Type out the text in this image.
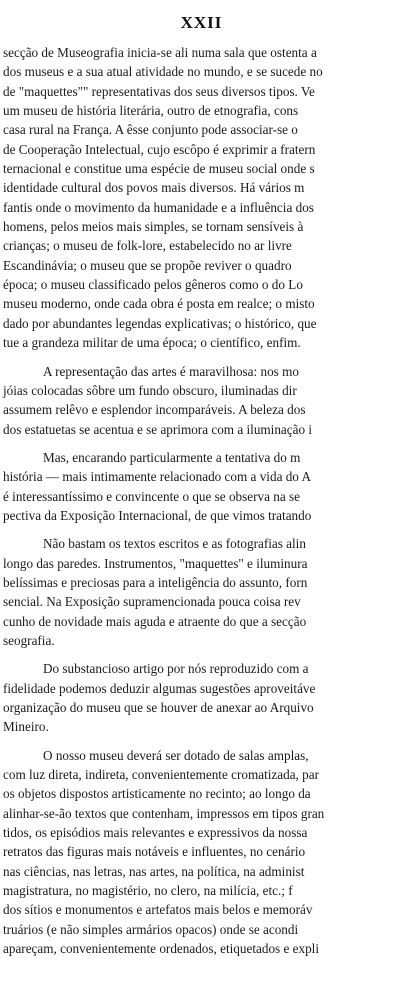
XXII
secção de Museografia inicia-se ali numa sala que ostenta a
dos museus e a sua atual atividade no mundo, e se sucede no
de "maquettes"" representativas dos seus diversos tipos. Ve
um museu de história literária, outro de etnografia, cons
casa rural na França. A êsse conjunto pode associar-se o
de Cooperação Intelectual, cujo escôpo é exprimir a fratern
ternacional e constitue uma espécie de museu social onde s
identidade cultural dos povos mais diversos. Há vários m
fantis onde o movimento da humanidade e a influência dos
homens, pelos meios mais simples, se tornam sensíveis à
crianças; o museu de folk-lore, estabelecido no ar livre
Escandinávia; o museu que se propõe reviver o quadro
época; o museu classificado pelos gêneros como o do Lo
museu moderno, onde cada obra é posta em realce; o misto
dado por abundantes legendas explicativas; o histórico, que
tue a grandeza militar de uma época; o científico, enfim.
A representação das artes é maravilhosa: nos mo
jóias colocadas sôbre um fundo obscuro, iluminadas dir
assumem relêvo e esplendor incomparáveis. A beleza dos
dos estatuetas se acentua e se aprimora com a iluminação i
Mas, encarando particularmente a tentativa do m
história — mais intimamente relacionado com a vida do A
é interessantíssimo e convincente o que se observa na se
pectiva da Exposição Internacional, de que vimos tratando
Não bastam os textos escritos e as fotografias alin
longo das paredes. Instrumentos, "maquettes" e iluminura
belíssimas e preciosas para a inteligência do assunto, forn
sencial. Na Exposição supramencionada pouca coisa rev
cunho de novidade mais aguda e atraente do que a secção
seografia.
Do substancioso artigo por nós reproduzido com a
fidelidade podemos deduzir algumas sugestões aproveitáve
organização do museu que se houver de anexar ao Arquivo
Mineiro.
O nosso museu deverá ser dotado de salas amplas,
com luz direta, indireta, convenientemente cromatizada, par
os objetos dispostos artisticamente no recinto; ao longo da
alinhar-se-ão textos que contenham, impressos em tipos gran
tidos, os episódios mais relevantes e expressivos da nossa
retratos das figuras mais notáveis e influentes, no cenário
nas ciências, nas letras, nas artes, na política, na administ
magistratura, no magistério, no clero, na milícia, etc.; f
dos sítios e monumentos e artefatos mais belos e memoráv
truários (e não simples armários opacos) onde se acondi
apareçam, convenientemente ordenados, etiquetados e expli
